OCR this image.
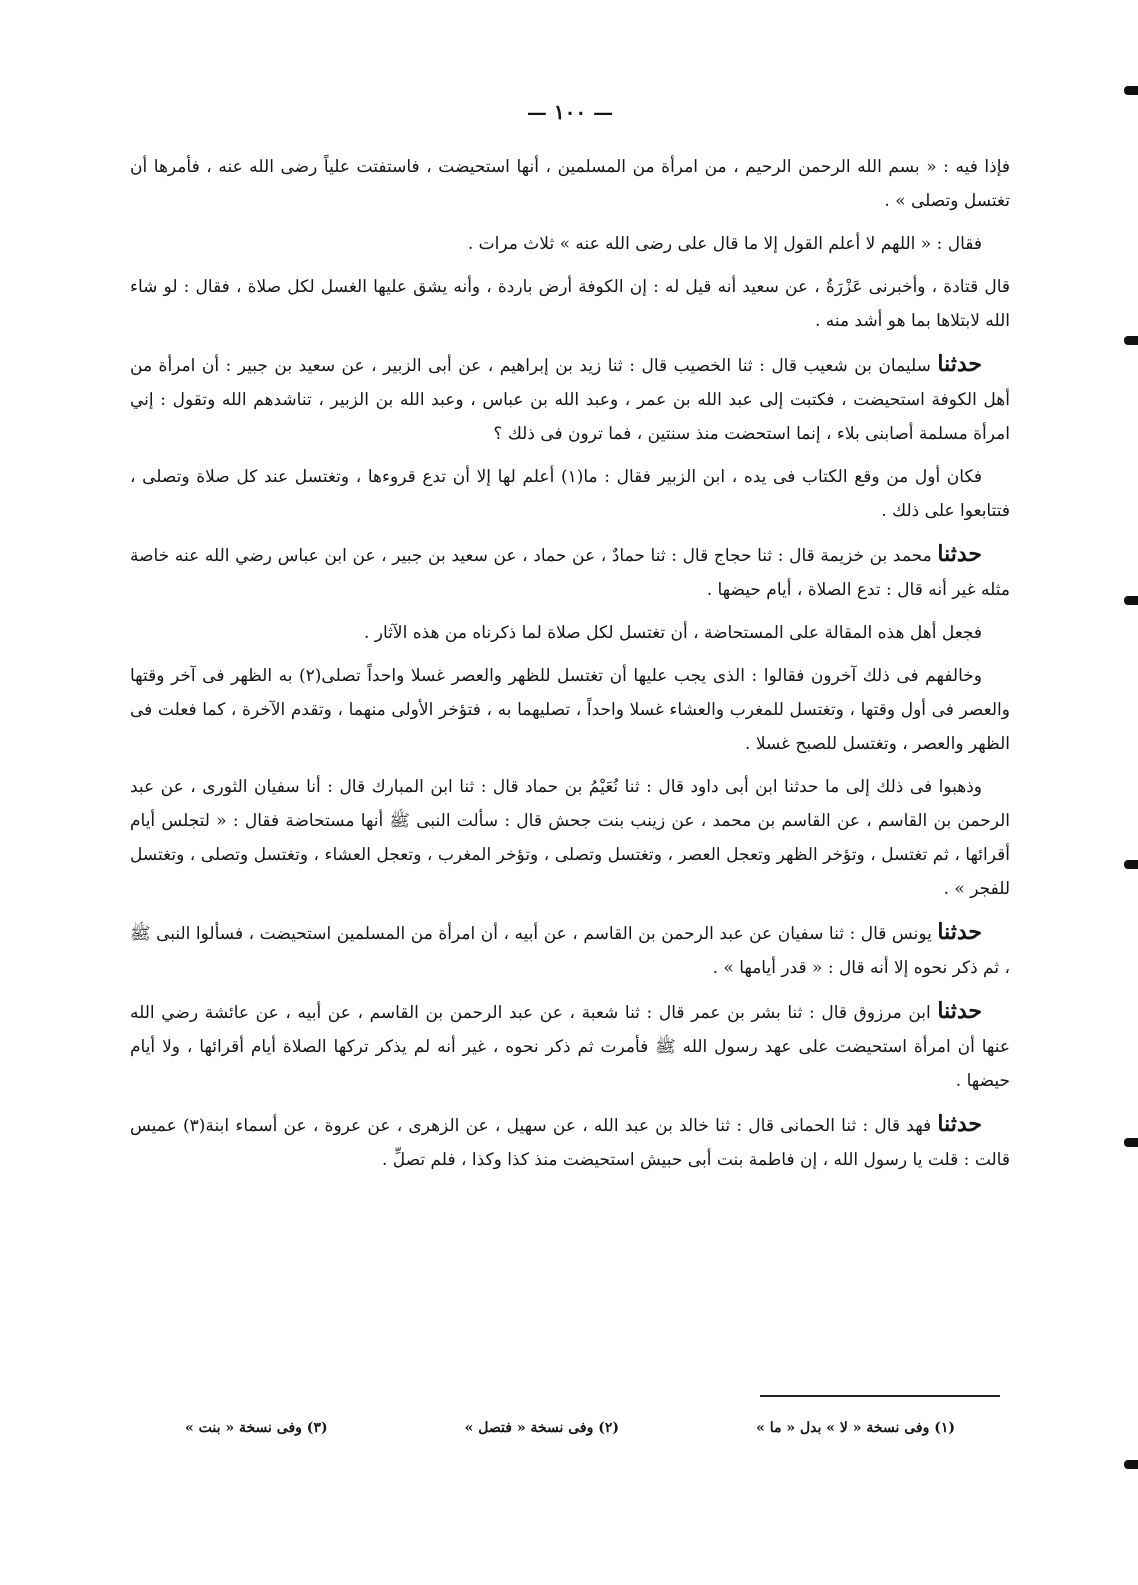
— ١٠٠ —

فإذا فيه : « بسم الله الرحمن الرحيم ، من امرأة من المسلمين ، أنها استحيضت ، فاستفتت علياً رضى الله عنه ، فأمرها أن تغتسل وتصلى » .

فقال : « اللهم لا أعلم القول إلا ما قال على رضى الله عنه » ثلاث مرات .

قال قتادة ، وأخبرنى عَزْرَةُ ، عن سعيد أنه قيل له : إن الكوفة أرض باردة ، وأنه يشق عليها الغسل لكل صلاة ، فقال : لو شاء الله لابتلاها بما هو أشد منه .

حدثنا سليمان بن شعيب قال : ثنا الخصيب قال : ثنا زيد بن إبراهيم ، عن أبى الزبير ، عن سعيد بن جبير : أن امرأة من أهل الكوفة استحيضت ، فكتبت إلى عبد الله بن عمر ، وعبد الله بن عباس ، وعبد الله بن الزبير ، تناشدهم الله وتقول : إني امرأة مسلمة أصابنى بلاء ، إنما استحضت منذ سنتين ، فما ترون فى ذلك ؟

فكان أول من وقع الكتاب فى يده ، ابن الزبير فقال : ما(١) أعلم لها إلا أن تدع قروءها ، وتغتسل عند كل صلاة وتصلى ، فتتابعوا على ذلك .

حدثنا محمد بن خزيمة قال : ثنا حجاج قال : ثنا حمادٌ ، عن حماد ، عن سعيد بن جبير ، عن ابن عباس رضي الله عنه خاصة مثله غير أنه قال : تدع الصلاة ، أيام حيضها .

فجعل أهل هذه المقالة على المستحاضة ، أن تغتسل لكل صلاة لما ذكرناه من هذه الآثار .

وخالفهم فى ذلك آخرون فقالوا : الذى يجب عليها أن تغتسل للظهر والعصر غسلا واحداً تصلى(٢) به الظهر فى آخر وقتها والعصر فى أول وقتها ، وتغتسل للمغرب والعشاء غسلا واحداً ، تصليهما به ، فتؤخر الأولى منهما ، وتقدم الآخرة ، كما فعلت فى الظهر والعصر ، وتغتسل للصبح غسلا .

وذهبوا فى ذلك إلى ما حدثنا ابن أبى داود قال : ثنا نُعَيْمُ بن حماد قال : ثنا ابن المبارك قال : أنا سفيان الثورى ، عن عبد الرحمن بن القاسم ، عن القاسم بن محمد ، عن زينب بنت جحش قال : سألت النبى ﷺ أنها مستحاضة فقال : « لتجلس أيام أقرائها ، ثم تغتسل ، وتؤخر الظهر وتعجل العصر ، وتغتسل وتصلى ، وتؤخر المغرب ، وتعجل العشاء ، وتغتسل وتصلى ، وتغتسل للفجر » .

حدثنا يونس قال : ثنا سفيان عن عبد الرحمن بن القاسم ، عن أبيه ، أن امرأة من المسلمين استحيضت ، فسألوا النبى ﷺ ، ثم ذكر نحوه إلا أنه قال : « قدر أيامها » .

حدثنا ابن مرزوق قال : ثنا بشر بن عمر قال : ثنا شعبة ، عن عبد الرحمن بن القاسم ، عن أبيه ، عن عائشة رضي الله عنها أن امرأة استحيضت على عهد رسول الله ﷺ فأمرت ثم ذكر نحوه ، غير أنه لم يذكر تركها الصلاة أيام أقرائها ، ولا أيام حيضها .

حدثنا فهد قال : ثنا الحمانى قال : ثنا خالد بن عبد الله ، عن سهيل ، عن الزهرى ، عن عروة ، عن أسماء ابنة(٣) عميس قالت : قلت يا رسول الله ، إن فاطمة بنت أبى حبيش استحيضت منذ كذا وكذا ، فلم تصلِّ .

(١) وفى نسخة « لا » بدل « ما »
(٢) وفى نسخة « فتصل »
(٣) وفى نسخة « بنت »
